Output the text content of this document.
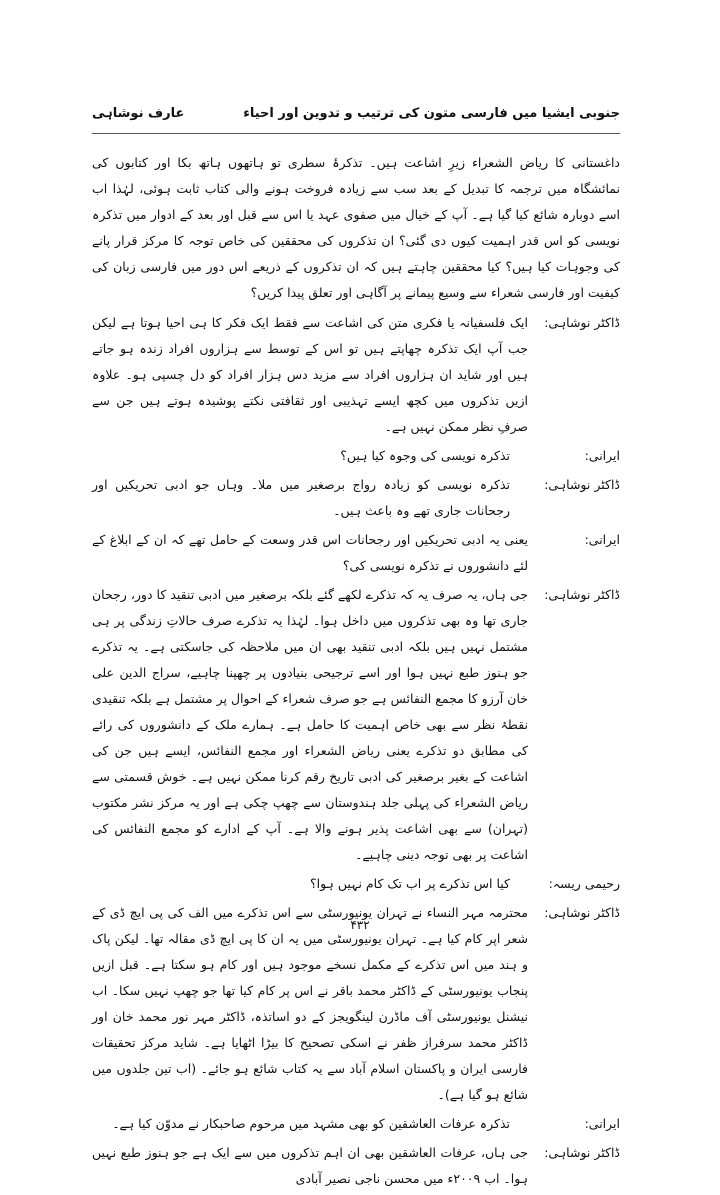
جنوبی ایشیا میں فارسی متون کی ترتیب و تدوین اور احیاء
عارف نوشاہی

داغستانی کا ریاض الشعراء زیرِ اشاعت ہیں۔ تذکرۂ سطری تو ہاتھوں ہاتھ بکا اور کتابوں کی نمائشگاہ میں ترجمہ کا تبدیل کے بعد سب سے زیادہ فروخت ہونے والی کتاب ثابت ہوئی، لہٰذا اب اسے دوبارہ شائع کیا گیا ہے۔ آپ کے خیال میں صفوی عہد یا اس سے قبل اور بعد کے ادوار میں تذکرہ نویسی کو اس قدر اہمیت کیوں دی گئی؟ ان تذکروں کی محققین کی خاص توجہ کا مرکز قرار پانے کی وجوہات کیا ہیں؟ کیا محققین چاہتے ہیں کہ ان تذکروں کے ذریعے اس دور میں فارسی زبان کی کیفیت اور فارسی شعراء سے وسیع پیمانے پر آگاہی اور تعلق پیدا کریں؟

ڈاکٹر نوشاہی:
ایک فلسفیانہ یا فکری متن کی اشاعت سے فقط ایک فکر کا ہی احیا ہوتا ہے لیکن جب آپ ایک تذکرہ چھاپتے ہیں تو اس کے توسط سے ہزاروں افراد زندہ ہو جاتے ہیں اور شاید ان ہزاروں افراد سے مزید دس ہزار افراد کو دل چسپی ہو۔ علاوہ ازیں تذکروں میں کچھ ایسے تہذیبی اور ثقافتی نکتے پوشیدہ ہوتے ہیں جن سے صرفِ نظر ممکن نہیں ہے۔
ایرانی:
تذکرہ نویسی کی وجوہ کیا ہیں؟
ڈاکٹر نوشاہی:
تذکرہ نویسی کو زیادہ رواج برصغیر میں ملا۔ وہاں جو ادبی تحریکیں اور رجحانات جاری تھے وہ باعث ہیں۔
ایرانی:
یعنی یہ ادبی تحریکیں اور رجحانات اس قدر وسعت کے حامل تھے کہ ان کے ابلاغ کے لئے دانشوروں نے تذکرہ نویسی کی؟
ڈاکٹر نوشاہی:
جی ہاں، یہ صرف یہ کہ تذکرے لکھے گئے بلکہ برصغیر میں ادبی تنقید کا دور، رجحان جاری تھا وہ بھی تذکروں میں داخل ہوا۔ لہٰذا یہ تذکرے صرف حالاتِ زندگی پر ہی مشتمل نہیں ہیں بلکہ ادبی تنقید بھی ان میں ملاحظہ کی جاسکتی ہے۔ یہ تذکرے جو ہنوز طبع نہیں ہوا اور اسے ترجیحی بنیادوں پر چھپنا چاہیے، سراج الدین علی خان آرزو کا مجمع النفائس ہے جو صرف شعراء کے احوال پر مشتمل ہے بلکہ تنقیدی نقطۂ نظر سے بھی خاص اہمیت کا حامل ہے۔ ہمارے ملک کے دانشوروں کی رائے کی مطابق دو تذکرے یعنی ریاض الشعراء اور مجمع النفائس، ایسے ہیں جن کی اشاعت کے بغیر برصغیر کی ادبی تاریخ رقم کرنا ممکن نہیں ہے۔ خوش قسمتی سے ریاض الشعراء کی پہلی جلد ہندوستان سے چھپ چکی ہے اور یہ مرکز نشر مکتوب (تہران) سے بھی اشاعت پذیر ہونے والا ہے۔ آپ کے ادارے کو مجمع النفائس کی اشاعت پر بھی توجہ دینی چاہیے۔
رحیمی ریسہ:
کیا اس تذکرے پر اب تک کام نہیں ہوا؟
ڈاکٹر نوشاہی:
محترمہ مہر النساء نے تہران یونیورسٹی سے اس تذکرے میں الف کی پی ایچ ڈی کے شعر اپر کام کیا ہے۔ تہران یونیورسٹی میں یہ ان کا پی ایچ ڈی مقالہ تھا۔ لیکن پاک و ہند میں اس تذکرے کے مکمل نسخے موجود ہیں اور کام ہو سکتا ہے۔ قبل ازیں پنجاب یونیورسٹی کے ڈاکٹر محمد باقر نے اس پر کام کیا تھا جو چھپ نہیں سکا۔ اب نیشنل یونیورسٹی آف ماڈرن لینگویجز کے دو اساتذہ، ڈاکٹر مہر نور محمد خان اور ڈاکٹر محمد سرفراز ظفر نے اسکی تصحیح کا بیڑا اٹھایا ہے۔ شاید مرکز تحقیقات فارسی ایران و پاکستان اسلام آباد سے یہ کتاب شائع ہو جائے۔ (اب تین جلدوں میں شائع ہو گیا ہے)۔
ایرانی:
تذکرہ عرفات العاشقین کو بھی مشہد میں مرحوم صاحبکار نے مدوّن کیا ہے۔
ڈاکٹر نوشاہی:
جی ہاں، عرفات العاشقین بھی ان اہم تذکروں میں سے ایک ہے جو ہنوز طبع نہیں ہوا۔ اب ۲۰۰۹ء میں محسن ناجی نصیر آبادی
۴۳۲
